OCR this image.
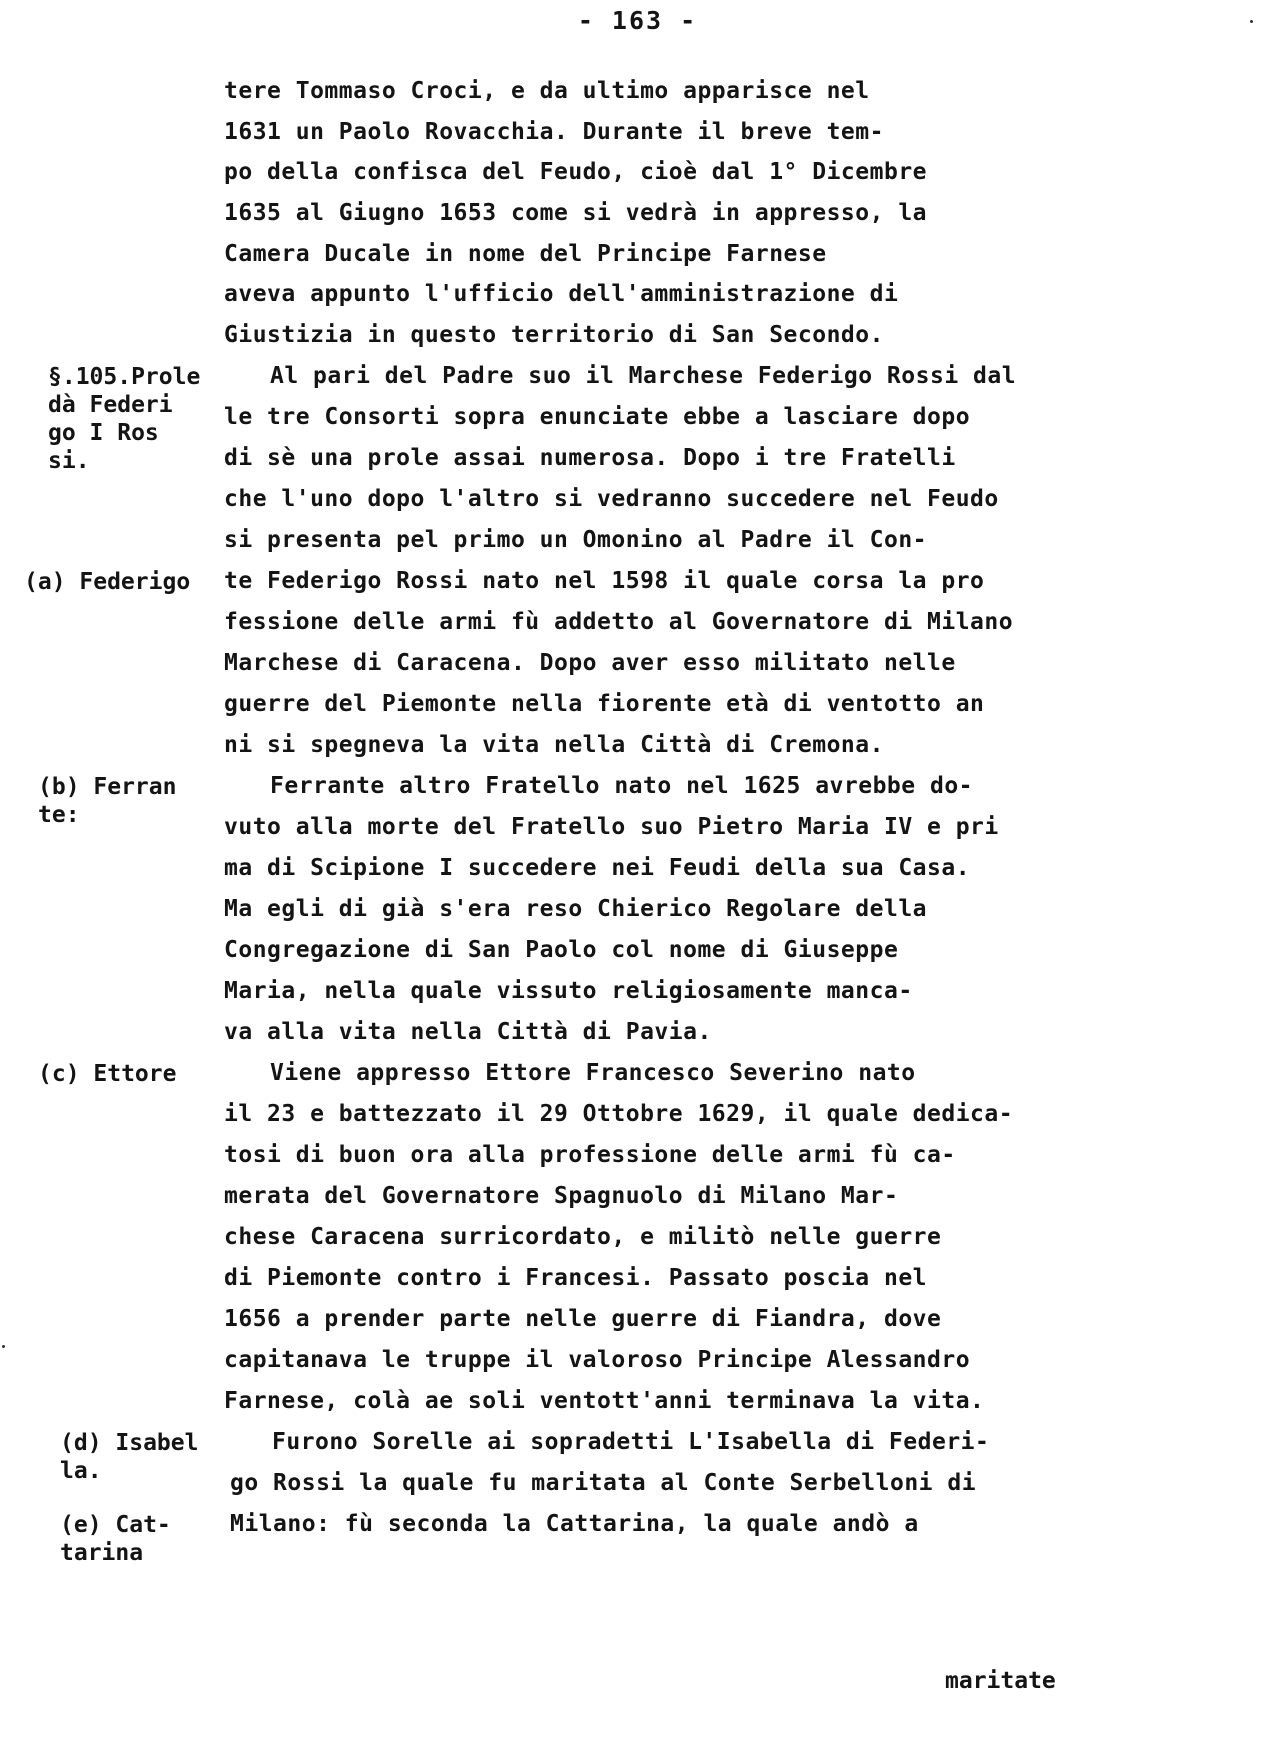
- 163 -
tere Tommaso Croci, e da ultimo apparisce nel
1631 un Paolo Rovacchia. Durante il breve tem-
po della confisca del Feudo, cioè dal 1° Dicembre
1635 al Giugno 1653 come si vedrà in appresso, la
Camera Ducale in nome del Principe Farnese
aveva appunto l'ufficio dell'amministrazione di
Giustizia in questo territorio di San Secondo.
Al pari del Padre suo il Marchese Federigo Rossi dal
le tre Consorti sopra enunciate ebbe a lasciare dopo
di sè una prole assai numerosa. Dopo i tre Fratelli
che l'uno dopo l'altro si vedranno succedere nel Feudo
si presenta pel primo un Omonino al Padre il Con-
te Federigo Rossi nato nel 1598 il quale corsa la pro
fessione delle armi fù addetto al Governatore di Milano
Marchese di Caracena. Dopo aver esso militato nelle
guerre del Piemonte nella fiorente età di ventotto an
ni si spegneva la vita nella Città di Cremona.
Ferrante altro Fratello nato nel 1625 avrebbe do-
vuto alla morte del Fratello suo Pietro Maria IV e pri
ma di Scipione I succedere nei Feudi della sua Casa.
Ma egli di già s'era reso Chierico Regolare della
Congregazione di San Paolo col nome di Giuseppe
Maria, nella quale vissuto religiosamente manca-
va alla vita nella Città di Pavia.
Viene appresso Ettore Francesco Severino nato
il 23 e battezzato il 29 Ottobre 1629, il quale dedica-
tosi di buon ora alla professione delle armi fù ca-
merata del Governatore Spagnuolo di Milano Mar-
chese Caracena surricordato, e militò nelle guerre
di Piemonte contro i Francesi. Passato poscia nel
1656 a prender parte nelle guerre di Fiandra, dove
capitanava le truppe il valoroso Principe Alessandro
Farnese, colà ae soli ventott'anni terminava la vita.
Furono Sorelle ai sopradetti L'Isabella di Federi-
go Rossi la quale fu maritata al Conte Serbelloni di
Milano: fù seconda la Cattarina, la quale andò a
§.105.Prole
dà Federi
go I Ros
si.
(a) Federigo
(b) Ferran
te:
(c) Ettore
(d) Isabel
la.
(e) Cat-
tarina
maritate
